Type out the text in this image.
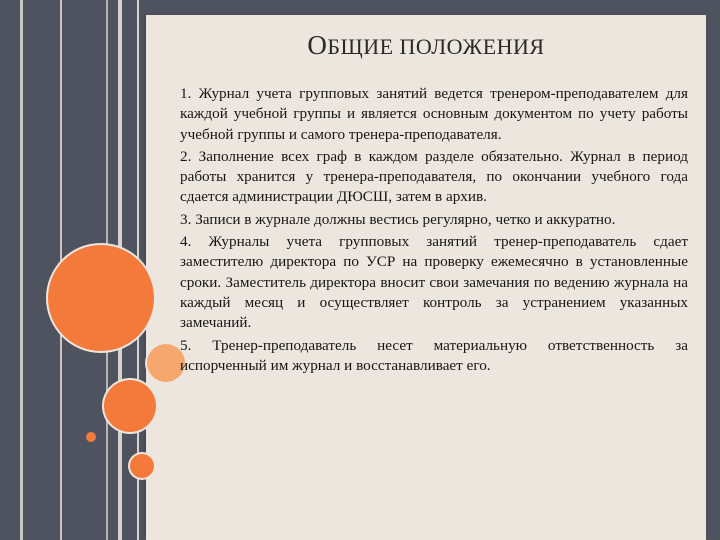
ОБЩИЕ ПОЛОЖЕНИЯ

1. Журнал учета групповых занятий ведется тренером-преподавателем для каждой учебной группы и является основным документом по учету работы учебной группы и самого тренера-преподавателя.

2. Заполнение всех граф в каждом разделе обязательно. Журнал в период работы хранится у тренера-преподавателя, по окончании учебного года сдается администрации ДЮСШ, затем в архив.

3. Записи в журнале должны вестись регулярно, четко и аккуратно.

4. Журналы учета групповых занятий тренер-преподаватель сдает заместителю директора по УСР на проверку ежемесячно в установленные сроки. Заместитель директора вносит свои замечания по ведению журнала на каждый месяц и осуществляет контроль за устранением указанных замечаний.

5. Тренер-преподаватель несет материальную ответственность за испорченный им журнал и восстанавливает его.
